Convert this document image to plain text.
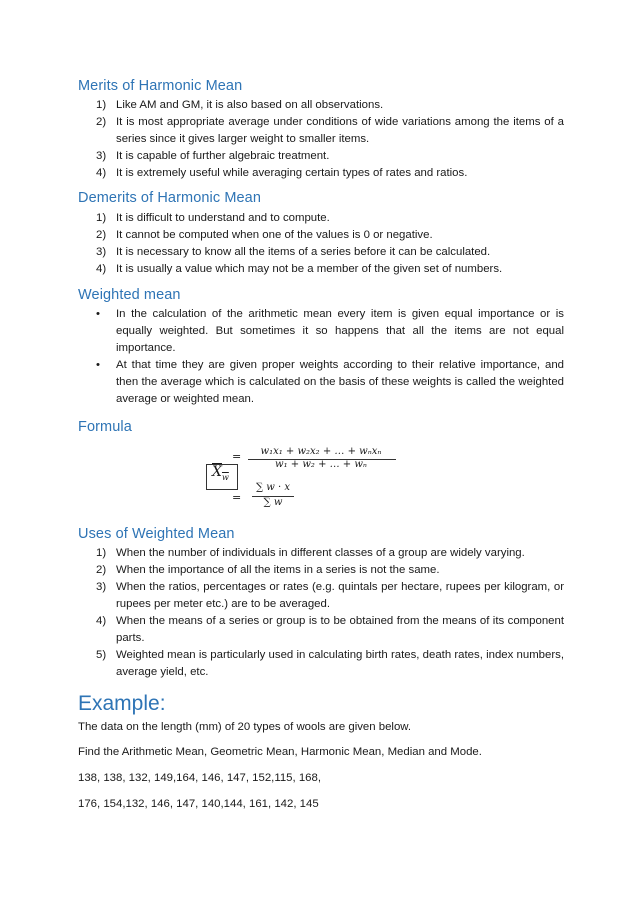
Merits of Harmonic Mean
1) Like AM and GM, it is also based on all observations.
2) It is most appropriate average under conditions of wide variations among the items of a series since it gives larger weight to smaller items.
3) It is capable of further algebraic treatment.
4) It is extremely useful while averaging certain types of rates and ratios.
Demerits of Harmonic Mean
1) It is difficult to understand and to compute.
2) It cannot be computed when one of the values is 0 or negative.
3) It is necessary to know all the items of a series before it can be calculated.
4) It is usually a value which may not be a member of the given set of numbers.
Weighted mean
• In the calculation of the arithmetic mean every item is given equal importance or is equally weighted. But sometimes it so happens that all the items are not equal importance.
• At that time they are given proper weights according to their relative importance, and then the average which is calculated on the basis of these weights is called the weighted average or weighted mean.
Formula
$X_w$
=	w₁x₁ + w₂x₂ + … + wₙxₙ
w₁ + w₂ + … + wₙ
=
∑ w · x
∑ w
Uses of Weighted Mean
1) When the number of individuals in different classes of a group are widely varying.
2) When the importance of all the items in a series is not the same.
3) When the ratios, percentages or rates (e.g. quintals per hectare, rupees per kilogram, or rupees per meter etc.) are to be averaged.
4) When the means of a series or group is to be obtained from the means of its component parts.
5) Weighted mean is particularly used in calculating birth rates, death rates, index numbers, average yield, etc.
Example:
The data on the length (mm) of 20 types of wools are given below.
Find the Arithmetic Mean, Geometric Mean, Harmonic Mean, Median and Mode.
138, 138, 132, 149,164, 146, 147, 152,115, 168,
176, 154,132, 146, 147, 140,144, 161, 142, 145
